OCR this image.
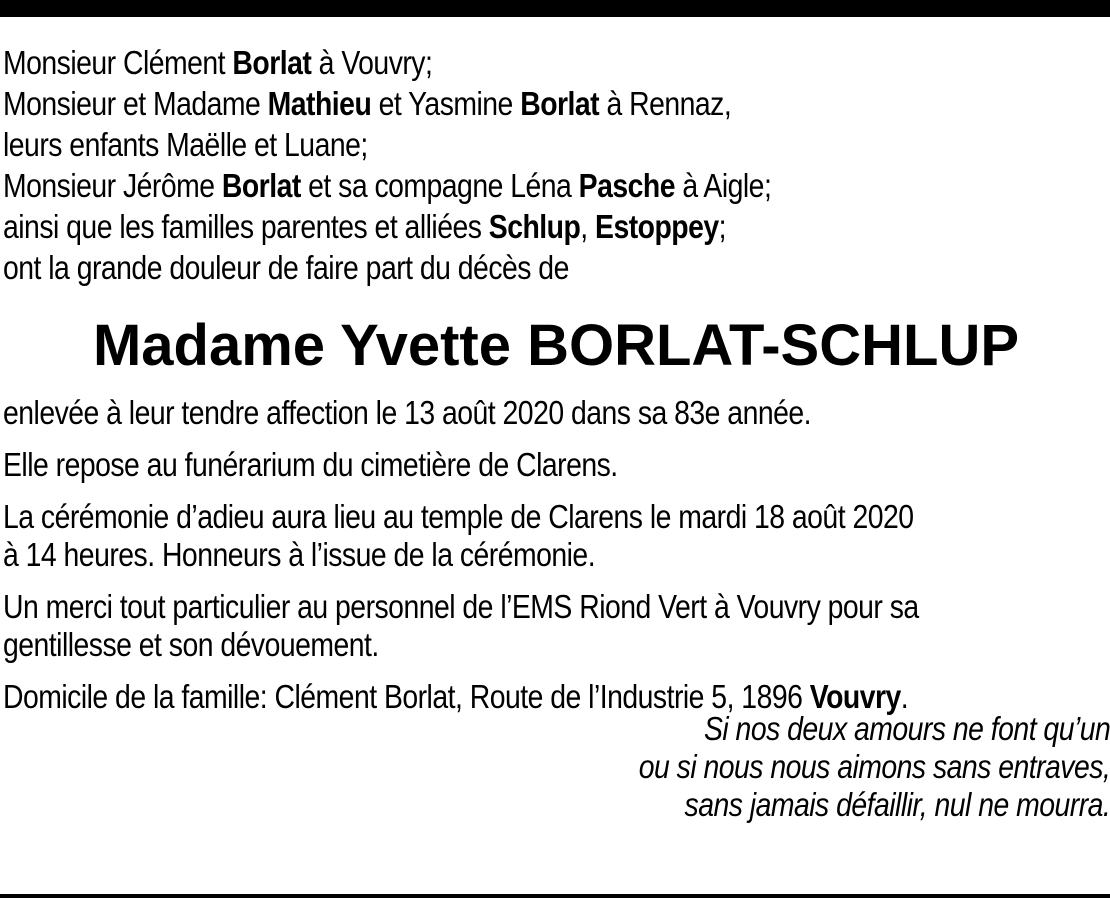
Monsieur Clément Borlat à Vouvry;
Monsieur et Madame Mathieu et Yasmine Borlat à Rennaz,
leurs enfants Maëlle et Luane;
Monsieur Jérôme Borlat et sa compagne Léna Pasche à Aigle;
ainsi que les familles parentes et alliées Schlup, Estoppey;
ont la grande douleur de faire part du décès de
Madame Yvette BORLAT-SCHLUP

enlevée à leur tendre affection le 13 août 2020 dans sa 83e année.

Elle repose au funérarium du cimetière de Clarens.

La cérémonie d’adieu aura lieu au temple de Clarens le mardi 18 août 2020
à 14 heures. Honneurs à l’issue de la cérémonie.

Un merci tout particulier au personnel de l’EMS Riond Vert à Vouvry pour sa
gentillesse et son dévouement.

Domicile de la famille: Clément Borlat, Route de l’Industrie 5, 1896 Vouvry.

Si nos deux amours ne font qu’un
ou si nous nous aimons sans entraves,
sans jamais défaillir, nul ne mourra.
